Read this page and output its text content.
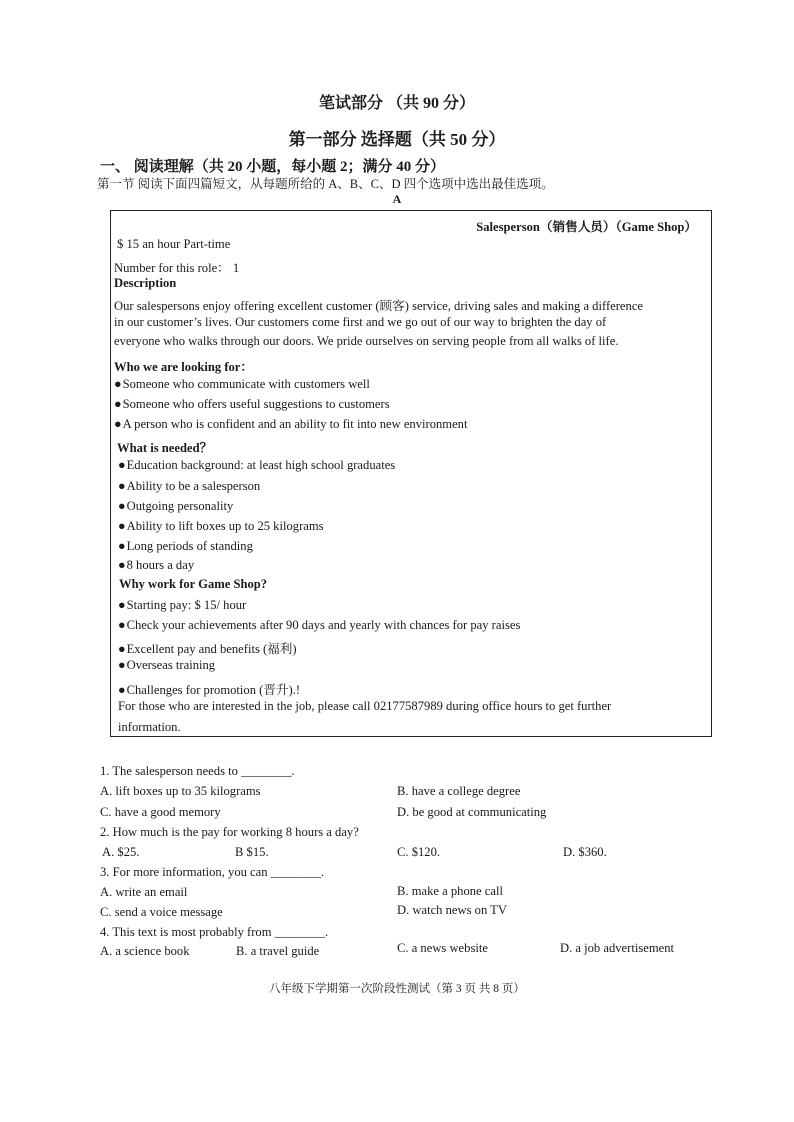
笔试部分 （共 90 分）
第一部分 选择题（共 50 分）
一、 阅读理解（共 20 小题，每小题 2；满分 40 分）
第一节 阅读下面四篇短文，从每题所给的 A、B、C、D 四个选项中选出最佳选项。
A
Salesperson（销售人员）（Game Shop）
$ 15 an hour Part-time
Number for this role： 1
Description
Our salespersons enjoy offering excellent customer (顾客) service, driving sales and making a difference
in our customer’s lives. Our customers come first and we go out of our way to brighten the day of
everyone who walks through our doors. We pride ourselves on serving people from all walks of life.
Who we are looking for：
● Someone who communicate with customers well
● Someone who offers useful suggestions to customers
● A person who is confident and an ability to fit into new environment
What is needed？
● Education background: at least high school graduates
● Ability to be a salesperson
● Outgoing personality
● Ability to lift boxes up to 25 kilograms
● Long periods of standing
● 8 hours a day
Why work for Game Shop?
● Starting pay: $ 15/ hour
● Check your achievements after 90 days and yearly with chances for pay raises
● Excellent pay and benefits (福利)
● Overseas training
● Challenges for promotion (晋升).!
For those who are interested in the job, please call 02177587989 during office hours to get further
information.
1. The salesperson needs to ________.
A. lift boxes up to 35 kilograms	B. have a college degree
C. have a good memory	D. be good at communicating
2. How much is the pay for working 8 hours a day?
A. $25.	B $15.	C. $120.	D. $360.
3. For more information, you can ________.
A. write an email	B. make a phone call
C. send a voice message	D. watch news on TV
4. This text is most probably from ________.
A. a science book	B. a travel guide	C. a news website	D. a job advertisement
八年级下学期第一次阶段性测试（第 3 页 共 8 页）
